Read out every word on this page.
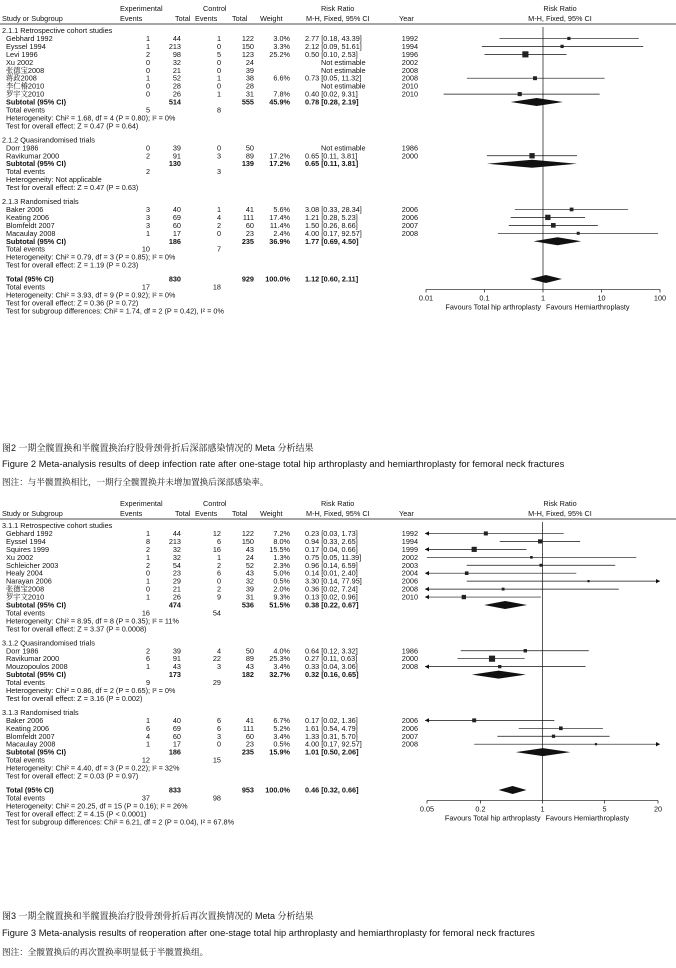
Experimental	Control	Risk Ratio	Risk Ratio
Study or Subgroup	Events	Total Events Total Weight	M-H, Fixed, 95% CI	Year	M-H, Fixed, 95% CI
2.1.1 Retrospective cohort studies
Gebhard 1992	1	44	1	122	3.0% 2.77 [0.18, 43.39]	1992
Eyssel 1994	1	213	0	150	3.3% 2.12 [0.09, 51.61]	1994
Levi 1996	2	98	5	123 25.2% 0.50 [0.10, 2.53]	1996
Xu 2002	0	32	0	24	Not estimable	2002
张德宝2008	0	21	0	39	Not estimable	2008
蒋政2008	1	52	1	38	6.6% 0.73 [0.05, 11.32]	2008
李仁椿2010	0	28	0	28	Not estimable	2010
罗宇文2010	0	26	1	31	7.8% 0.40 [0.02, 9.31]	2010
Subtotal (95% CI)	514	555 45.9% 0.78 [0.28, 2.19]
Total events	5	8
Heterogeneity: Chi² = 1.68, df = 4 (P = 0.80); I² = 0%
Test for overall effect: Z = 0.47 (P = 0.64)
2.1.2 Quasirandomised trials
Dorr 1986	0	39	0	50	Not estimable	1986
Ravikumar 2000	2	91	3	89 17.2% 0.65 [0.11, 3.81]	2000
Subtotal (95% CI)	130	139 17.2% 0.65 [0.11, 3.81]
Total events	2	3
Heterogeneity: Not applicable
Test for overall effect: Z = 0.47 (P = 0.63)
2.1.3 Randomised trials
Baker 2006	3	40	1	41	5.6% 3.08 [0.33, 28.34]	2006
Keating 2006	3	69	4	111 17.4% 1.21 [0.28, 5.23]	2006
Blomfeldt 2007	3	60	2	60 11.4% 1.50 [0.26, 8.66]	2007
Macaulay 2008	1	17	0	23	2.4% 4.00 [0.17, 92.57]	2008
Subtotal (95% CI)	186	235 36.9% 1.77 [0.69, 4.50]
Total events	10	7
Heterogeneity: Chi² = 0.79, df = 3 (P = 0.85); I² = 0%
Test for overall effect: Z = 1.19 (P = 0.23)
Total (95% CI)	830	929 100.0% 1.12 [0.60, 2.11]
Total events	17	18
Heterogeneity: Chi² = 3.93, df = 9 (P = 0.92); I² = 0%
Test for overall effect: Z = 0.36 (P = 0.72)
Test for subgroup differences: Chi² = 1.74, df = 2 (P = 0.42), I² = 0%
0.01	0.1	1	10	100
Favours Total hip arthroplasty Favours Hemiarthroplasty
图2 一期全髋置换和半髋置换治疗股骨颈骨折后深部感染情况的 Meta 分析结果
Figure 2 Meta-analysis results of deep infection rate after one-stage total hip arthroplasty and hemiarthroplasty for femoral neck fractures
图注：与半髋置换相比，一期行全髋置换并未增加置换后深部感染率。
Experimental	Control	Risk Ratio	Risk Ratio
Study or Subgroup	Events	Total Events Total Weight	M-H, Fixed, 95% CI	Year	M-H, Fixed, 95% CI
3.1.1 Retrospective cohort studies
Gebhard 1992	1	44	12	122	7.2% 0.23 [0.03, 1.73]	1992
Eyssel 1994	8	213	6	150	8.0% 0.94 [0.33, 2.65]	1994
Squires 1999	2	32	16	43 15.5% 0.17 [0.04, 0.66]	1999
Xu 2002	1	32	1	24	1.3% 0.75 [0.05, 11.39]	2002
Schleicher 2003	2	54	2	52	2.3% 0.96 [0.14, 6.59]	2003
Healy 2004	0	23	6	43	5.0% 0.14 [0.01, 2.40]	2004
Narayan 2006	1	29	0	32	0.5% 3.30 [0.14, 77.95]	2006
张德宝2008	0	21	2	39	2.0% 0.36 [0.02, 7.24]	2008
罗宇文2010	1	26	9	31	9.3% 0.13 [0.02, 0.96]	2010
Subtotal (95% CI)	474	536 51.5% 0.38 [0.22, 0.67]
Total events	16	54
Heterogeneity: Chi² = 8.95, df = 8 (P = 0.35); I² = 11%
Test for overall effect: Z = 3.37 (P = 0.0008)
3.1.2 Quasirandomised trials
Dorr 1986	2	39	4	50	4.0% 0.64 [0.12, 3.32]	1986
Ravikumar 2000	6	91	22	89 25.3% 0.27 [0.11, 0.63]	2000
Mouzopoulos 2008	1	43	3	43	3.4% 0.33 [0.04, 3.06]	2008
Subtotal (95% CI)	173	182 32.7% 0.32 [0.16, 0.65]
Total events	9	29
Heterogeneity: Chi² = 0.86, df = 2 (P = 0.65); I² = 0%
Test for overall effect: Z = 3.16 (P = 0.002)
3.1.3 Randomised trials
Baker 2006	1	40	6	41	6.7% 0.17 [0.02, 1.36]	2006
Keating 2006	6	69	6	111	5.2% 1.61 [0.54, 4.79]	2006
Blomfeldt 2007	4	60	3	60	3.4% 1.33 [0.31, 5.70]	2007
Macaulay 2008	1	17	0	23	0.5% 4.00 [0.17, 92.57]	2008
Subtotal (95% CI)	186	235 15.9% 1.01 [0.50, 2.06]
Total events	12	15
Heterogeneity: Chi² = 4.40, df = 3 (P = 0.22); I² = 32%
Test for overall effect: Z = 0.03 (P = 0.97)
Total (95% CI)	833	953 100.0% 0.46 [0.32, 0.66]
Total events	37	98
Heterogeneity: Chi² = 20.25, df = 15 (P = 0.16); I² = 26%
Test for overall effect: Z = 4.15 (P < 0.0001)
Test for subgroup differences: Chi² = 6.21, df = 2 (P = 0.04), I² = 67.8%
0.05	0.2	1	5	20
Favours Total hip arthroplasty Favours Hemiarthroplasty
图3 一期全髋置换和半髋置换治疗股骨颈骨折后再次置换情况的 Meta 分析结果
Figure 3 Meta-analysis results of reoperation after one-stage total hip arthroplasty and hemiarthroplasty for femoral neck fractures
图注：全髋置换后的再次置换率明显低于半髋置换组。
